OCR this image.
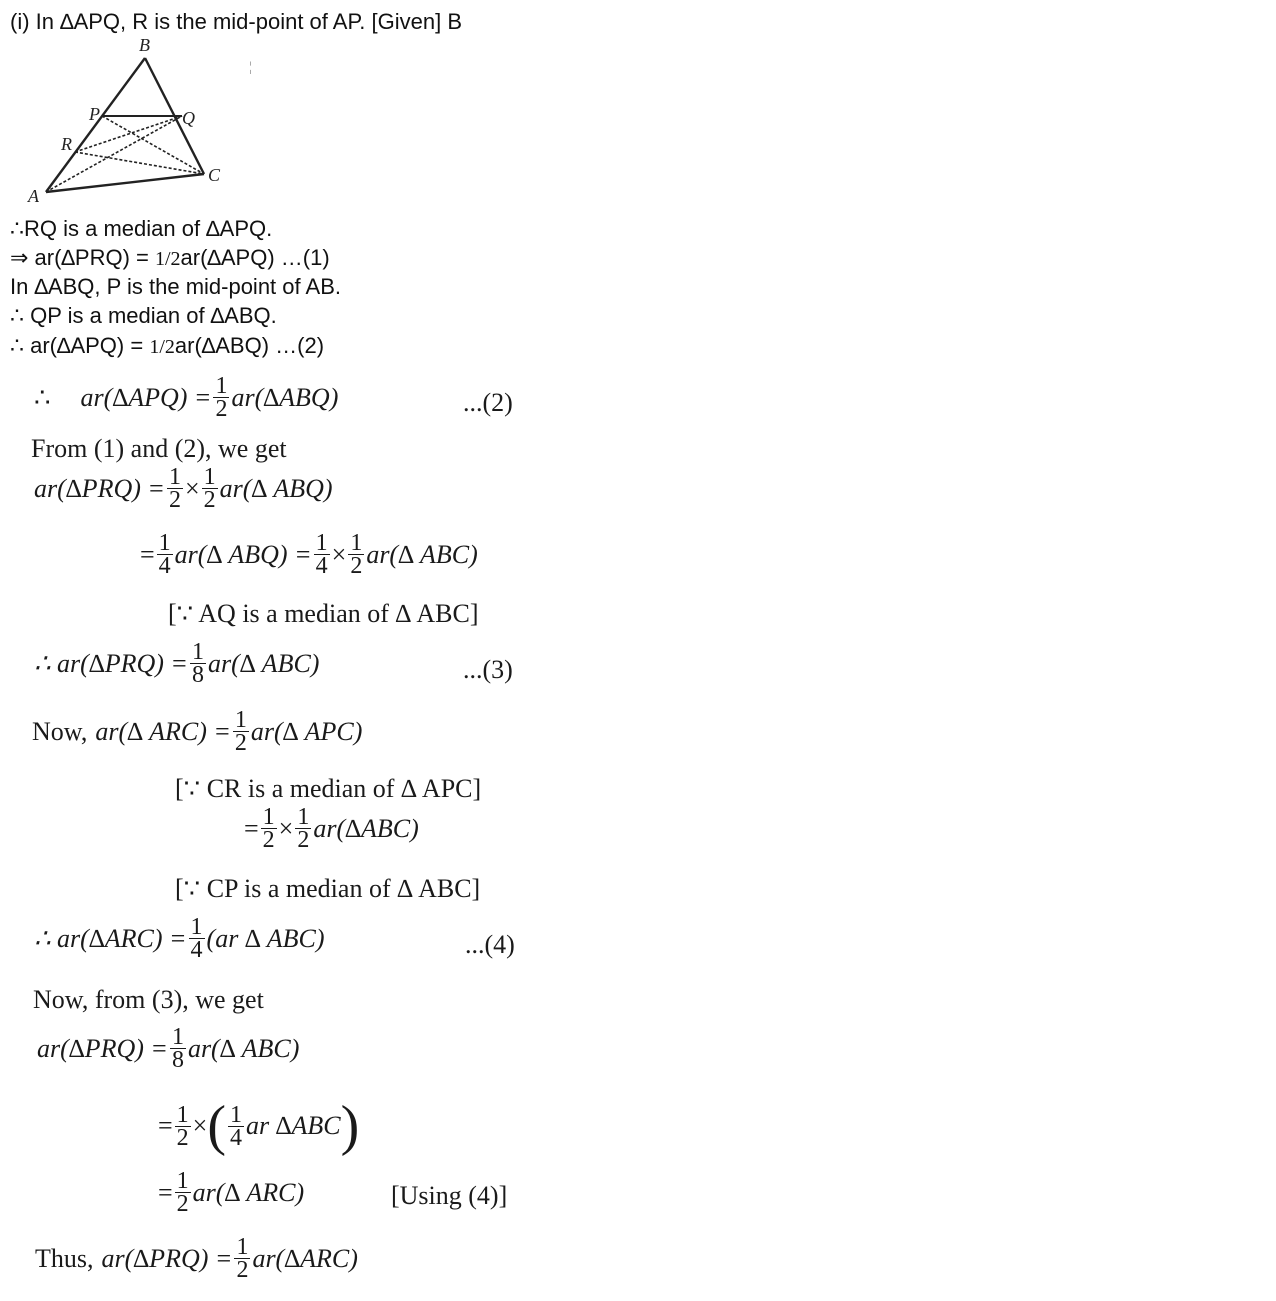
(i) In ∆APQ, R is the mid-point of AP. [Given] B
B
P	Q
R
C
A
¦
∴RQ is a median of ∆APQ.
⇒ ar(∆PRQ) = 1/2ar(∆APQ) …(1)
In ∆ABQ, P is the mid-point of AB.
∴ QP is a median of ∆ABQ.
∴ ar(∆APQ) = 1/2ar(∆ABQ) …(2)
∴ $ar(\Delta APQ) = \frac{1}{2} ar(\Delta ABQ)$	...(2)
From (1) and (2), we get
$ar(\Delta PRQ) = \frac{1}{2} \times \frac{1}{2} ar(\Delta$ ABQ)
= $\frac{1}{4} ar(\Delta$ $ABQ) = \frac{1}{4} \times \frac{1}{2} ar(\Delta$ ABC)
[∵ AQ is a median of ∆ ABC]
∴ $ar(\Delta PRQ) = \frac{1}{8} ar(\Delta$ ABC)	...(3)
Now, ar(∆ $ARC) = \frac{1}{2} ar(\Delta$ APC)
[∵ CR is a median of ∆ APC]
= $\frac{1}{2} \times \frac{1}{2} ar(\Delta ABC)$
[∵ CP is a median of ∆ ABC]
∴ $ar(\Delta ARC) = \frac{1}{4} (ar$ ∆ ABC)	...(4)
Now, from (3), we get
$ar(\Delta PRQ) = \frac{1}{8} ar(\Delta$ ABC)
= $\frac{1}{2}$ × ( $\frac{1}{4}$ ar ∆ABC )
= $\frac{1}{2} ar(\Delta$ ARC)	[Using (4)]
Thus, $ar(\Delta PRQ) = \frac{1}{2} ar(\Delta ARC)$
